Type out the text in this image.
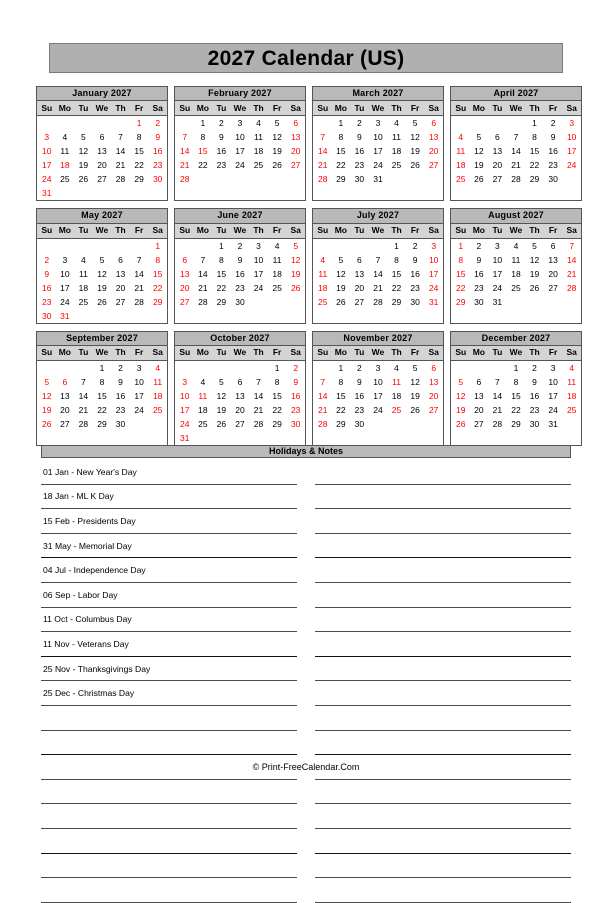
2027 Calendar (US)
January 2027
Su	Mo	Tu	We	Th	Fr	Sa
					1	2
3	4	5	6	7	8	9
10	11	12	13	14	15	16
17	18	19	20	21	22	23
24	25	26	27	28	29	30
31						
February 2027
Su	Mo	Tu	We	Th	Fr	Sa
	1	2	3	4	5	6
7	8	9	10	11	12	13
14	15	16	17	18	19	20
21	22	23	24	25	26	27
28						
March 2027
Su	Mo	Tu	We	Th	Fr	Sa
	1	2	3	4	5	6
7	8	9	10	11	12	13
14	15	16	17	18	19	20
21	22	23	24	25	26	27
28	29	30	31			
April 2027
Su	Mo	Tu	We	Th	Fr	Sa
				1	2	3
4	5	6	7	8	9	10
11	12	13	14	15	16	17
18	19	20	21	22	23	24
25	26	27	28	29	30	
May 2027
Su	Mo	Tu	We	Th	Fr	Sa
						1
2	3	4	5	6	7	8
9	10	11	12	13	14	15
16	17	18	19	20	21	22
23	24	25	26	27	28	29
30	31					
June 2027
Su	Mo	Tu	We	Th	Fr	Sa
		1	2	3	4	5
6	7	8	9	10	11	12
13	14	15	16	17	18	19
20	21	22	23	24	25	26
27	28	29	30			
July 2027
Su	Mo	Tu	We	Th	Fr	Sa
				1	2	3
4	5	6	7	8	9	10
11	12	13	14	15	16	17
18	19	20	21	22	23	24
25	26	27	28	29	30	31
August 2027
Su	Mo	Tu	We	Th	Fr	Sa
1	2	3	4	5	6	7
8	9	10	11	12	13	14
15	16	17	18	19	20	21
22	23	24	25	26	27	28
29	30	31				
September 2027
Su	Mo	Tu	We	Th	Fr	Sa
			1	2	3	4
5	6	7	8	9	10	11
12	13	14	15	16	17	18
19	20	21	22	23	24	25
26	27	28	29	30		
October 2027
Su	Mo	Tu	We	Th	Fr	Sa
					1	2
3	4	5	6	7	8	9
10	11	12	13	14	15	16
17	18	19	20	21	22	23
24	25	26	27	28	29	30
31						
November 2027
Su	Mo	Tu	We	Th	Fr	Sa
	1	2	3	4	5	6
7	8	9	10	11	12	13
14	15	16	17	18	19	20
21	22	23	24	25	26	27
28	29	30				
December 2027
Su	Mo	Tu	We	Th	Fr	Sa
			1	2	3	4
5	6	7	8	9	10	11
12	13	14	15	16	17	18
19	20	21	22	23	24	25
26	27	28	29	30	31	
Holidays & Notes
01 Jan - New Year's Day
18 Jan - ML K Day
15 Feb - Presidents Day
31 May - Memorial Day
04 Jul - Independence Day
06 Sep - Labor Day
11 Oct - Columbus Day
11 Nov - Veterans Day
25 Nov - Thanksgivings Day
25 Dec - Christmas Day
© Print-FreeCalendar.Com
